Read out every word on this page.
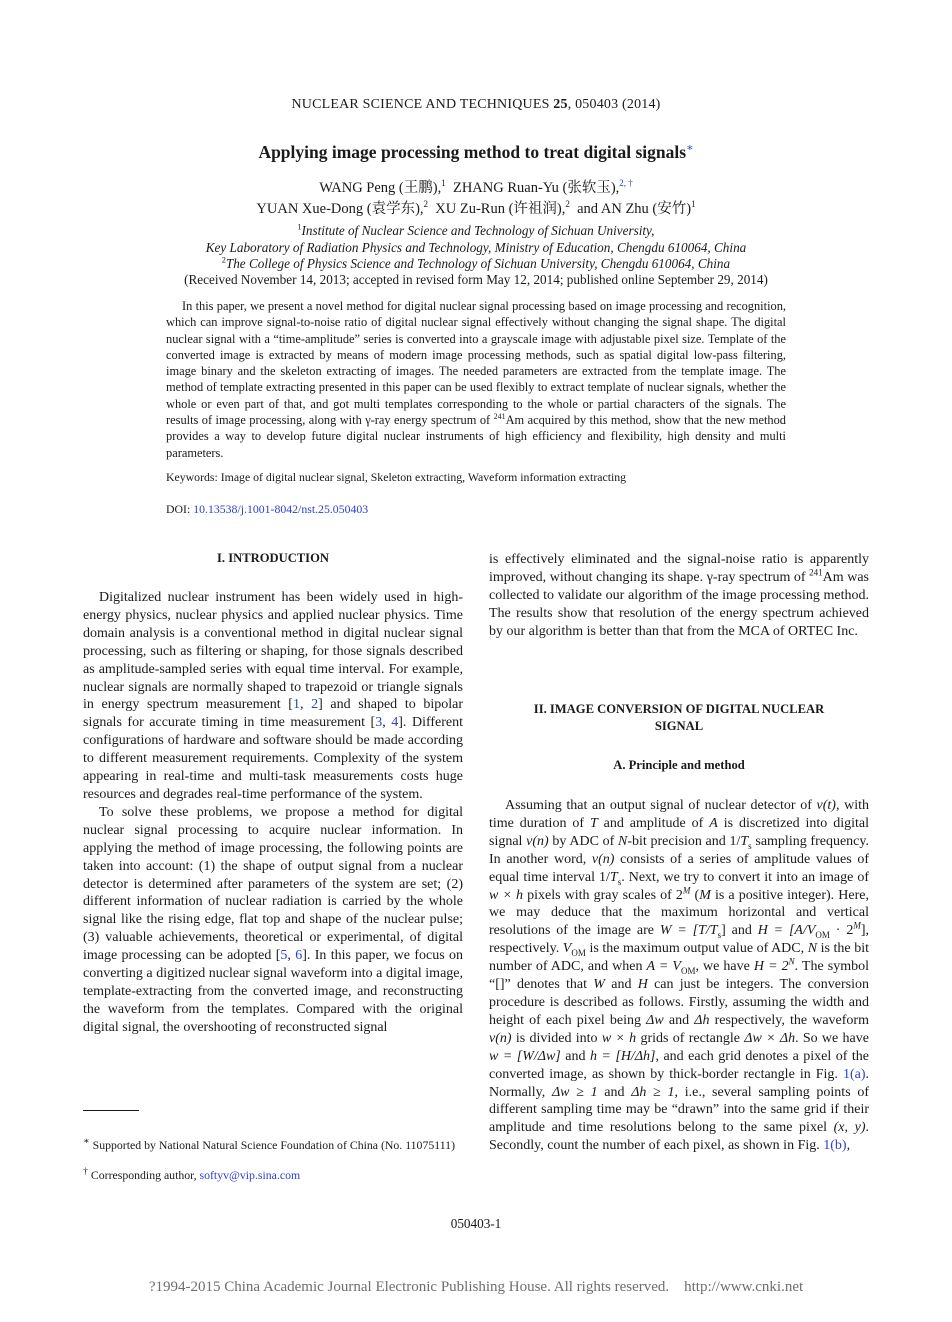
NUCLEAR SCIENCE AND TECHNIQUES 25, 050403 (2014)
Applying image processing method to treat digital signals∗
WANG Peng (王鹏),$^1$ ZHANG Ruan-Yu (张软玉),$^{2, \dagger}$
YUAN Xue-Dong (袁学东),$^2$ XU Zu-Run (许祖润),$^2$ and AN Zhu (安竹)$^1$
$^1$Institute of Nuclear Science and Technology of Sichuan University,
Key Laboratory of Radiation Physics and Technology, Ministry of Education, Chengdu 610064, China
$^2$The College of Physics Science and Technology of Sichuan University, Chengdu 610064, China
(Received November 14, 2013; accepted in revised form May 12, 2014; published online September 29, 2014)
In this paper, we present a novel method for digital nuclear signal processing based on image processing and recognition, which can improve signal-to-noise ratio of digital nuclear signal effectively without changing the signal shape. The digital nuclear signal with a “time-amplitude” series is converted into a grayscale image with adjustable pixel size. Template of the converted image is extracted by means of modern image processing methods, such as spatial digital low-pass filtering, image binary and the skeleton extracting of images. The needed parameters are extracted from the template image. The method of template extracting presented in this paper can be used flexibly to extract template of nuclear signals, whether the whole or even part of that, and got multi templates corresponding to the whole or partial characters of the signals. The results of image processing, along with γ-ray energy spectrum of $^{241}$Am acquired by this method, show that the new method provides a way to develop future digital nuclear instruments of high efficiency and flexibility, high density and multi parameters.
Keywords: Image of digital nuclear signal, Skeleton extracting, Waveform information extracting
DOI: 10.13538/j.1001-8042/nst.25.050403
I. INTRODUCTION

Digitalized nuclear instrument has been widely used in high-energy physics, nuclear physics and applied nuclear physics. Time domain analysis is a conventional method in digital nuclear signal processing, such as filtering or shaping, for those signals described as amplitude-sampled series with equal time interval. For example, nuclear signals are normally shaped to trapezoid or triangle signals in energy spectrum measurement [1, 2] and shaped to bipolar signals for accurate timing in time measurement [3, 4]. Different configurations of hardware and software should be made according to different measurement requirements. Complexity of the system appearing in real-time and multi-task measurements costs huge resources and degrades real-time performance of the system.

To solve these problems, we propose a method for digital nuclear signal processing to acquire nuclear information. In applying the method of image processing, the following points are taken into account: (1) the shape of output signal from a nuclear detector is determined after parameters of the system are set; (2) different information of nuclear radiation is carried by the whole signal like the rising edge, flat top and shape of the nuclear pulse; (3) valuable achievements, theoretical or experimental, of digital image processing can be adopted [5, 6]. In this paper, we focus on converting a digitized nuclear signal waveform into a digital image, template-extracting from the converted image, and reconstructing the waveform from the templates. Compared with the original digital signal, the overshooting of reconstructed signal

∗ Supported by National Natural Science Foundation of China (No. 11075111)
† Corresponding author, softyv@vip.sina.com

is effectively eliminated and the signal-noise ratio is apparently improved, without changing its shape. γ-ray spectrum of $^{241}$Am was collected to validate our algorithm of the image processing method. The results show that resolution of the energy spectrum achieved by our algorithm is better than that from the MCA of ORTEC Inc.

II. IMAGE CONVERSION OF DIGITAL NUCLEAR
SIGNAL
A. Principle and method

Assuming that an output signal of nuclear detector of ν(t), with time duration of T and amplitude of A is discretized into digital signal ν(n) by ADC of N-bit precision and $1/T_s$ sampling frequency. In another word, ν(n) consists of a series of amplitude values of equal time interval $1/T_s$. Next, we try to convert it into an image of w × h pixels with gray scales of $2^M$ (M is a positive integer). Here, we may deduce that the maximum horizontal and vertical resolutions of the image are $W = [T/T_s]$ and $H = [A/V_{OM} \cdot 2^M]$, respectively. $V_{OM}$ is the maximum output value of ADC, N is the bit number of ADC, and when $A = V_{OM}$, we have $H = 2^N$. The symbol “[]” denotes that W and H can just be integers. The conversion procedure is described as follows. Firstly, assuming the width and height of each pixel being Δw and Δh respectively, the waveform ν(n) is divided into w × h grids of rectangle Δw × Δh. So we have w = [W/Δw] and h = [H/Δh], and each grid denotes a pixel of the converted image, as shown by thick-border rectangle in Fig. 1(a). Normally, Δw ≥ 1 and Δh ≥ 1, i.e., several sampling points of different sampling time may be “drawn” into the same grid if their amplitude and time resolutions belong to the same pixel (x, y). Secondly, count the number of each pixel, as shown in Fig. 1(b),

050403-1
?1994-2015 China Academic Journal Electronic Publishing House. All rights reserved. http://www.cnki.net
